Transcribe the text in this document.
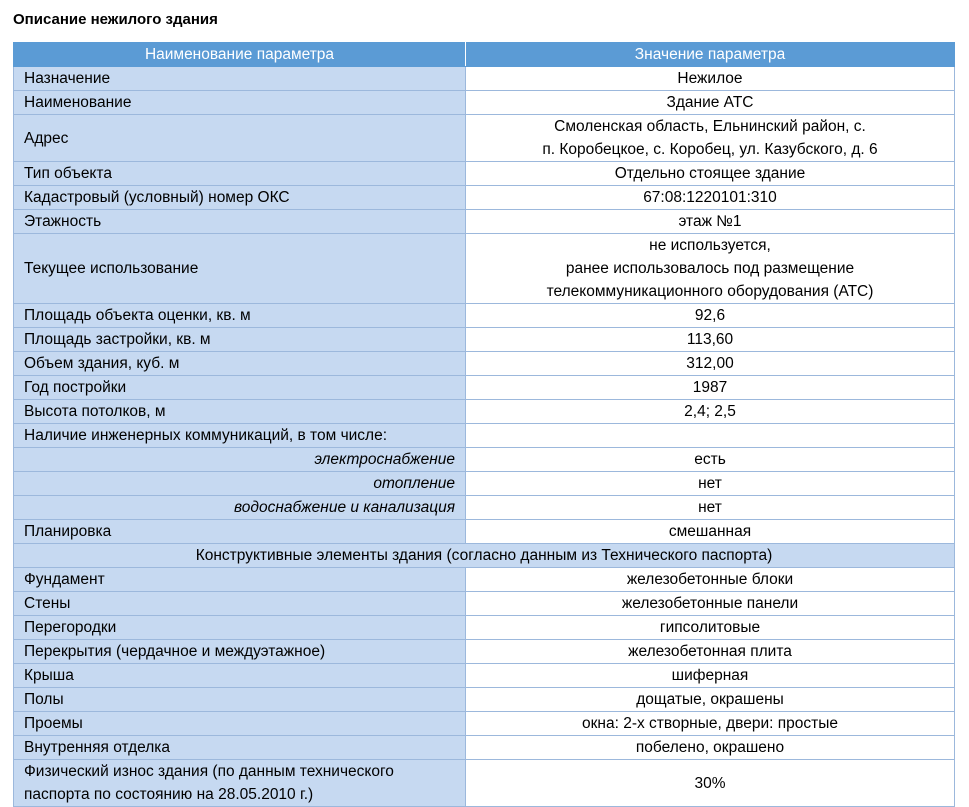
Описание нежилого здания
Наименование параметра	Значение параметра
Назначение	Нежилое
Наименование	Здание АТС
Адрес	Смоленская область, Ельнинский район, с.
п. Коробецкое, с. Коробец, ул. Казубского, д. 6

Тип объекта	Отдельно стоящее здание
Кадастровый (условный) номер ОКС	67:08:1220101:310
Этажность	этаж №1
Текущее использование	не используется,
ранее использовалось под размещение
телекоммуникационного оборудования (АТС)

Площадь объекта оценки, кв. м	92,6
Площадь застройки, кв. м	113,60
Объем здания, куб. м	312,00
Год постройки	1987
Высота потолков, м	2,4; 2,5
Наличие инженерных коммуникаций, в том числе:	
электроснабжение	есть
отопление	нет
водоснабжение и канализация	нет
Планировка	смешанная
Конструктивные элементы здания (согласно данным из Технического паспорта)	
Фундамент	железобетонные блоки
Стены	железобетонные панели
Перегородки	гипсолитовые
Перекрытия (чердачное и междуэтажное)	железобетонная плита
Крыша	шиферная
Полы	дощатые, окрашены
Проемы	окна: 2-х створные, двери: простые
Внутренняя отделка	побелено, окрашено

Физический износ здания (по данным технического
паспорта по состоянию на 28.05.2010 г.)	30%
